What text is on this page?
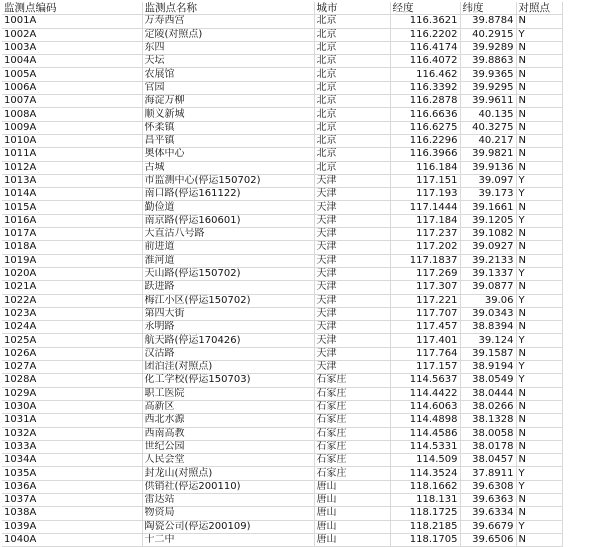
监测点编码	监测点名称	城市	经度	纬度	对照点
1001A	万寿西宫	北京	116.3621	39.8784	N
1002A	定陵(对照点)	北京	116.2202	40.2915	Y
1003A	东四	北京	116.4174	39.9289	N
1004A	天坛	北京	116.4072	39.8863	N
1005A	农展馆	北京	116.462	39.9365	N
1006A	官园	北京	116.3392	39.9295	N
1007A	海淀万柳	北京	116.2878	39.9611	N
1008A	顺义新城	北京	116.6636	40.135	N
1009A	怀柔镇	北京	116.6275	40.3275	N
1010A	昌平镇	北京	116.2296	40.217	N
1011A	奥体中心	北京	116.3966	39.9821	N
1012A	古城	北京	116.184	39.9136	N
1013A	市监测中心(停运150702)	天津	117.151	39.097	Y
1014A	南口路(停运161122)	天津	117.193	39.173	Y
1015A	勤俭道	天津	117.1444	39.1661	N
1016A	南京路(停运160601)	天津	117.184	39.1205	Y
1017A	大直沽八号路	天津	117.237	39.1082	N
1018A	前进道	天津	117.202	39.0927	N
1019A	淮河道	天津	117.1837	39.2133	N
1020A	天山路(停运150702)	天津	117.269	39.1337	Y
1021A	跃进路	天津	117.307	39.0877	N
1022A	梅江小区(停运150702)	天津	117.221	39.06	Y
1023A	第四大街	天津	117.707	39.0343	N
1024A	永明路	天津	117.457	38.8394	N
1025A	航天路(停运170426)	天津	117.401	39.124	Y
1026A	汉沽路	天津	117.764	39.1587	N
1027A	团泊洼(对照点)	天津	117.157	38.9194	Y
1028A	化工学校(停运150703)	石家庄	114.5637	38.0549	Y
1029A	职工医院	石家庄	114.4422	38.0444	N
1030A	高新区	石家庄	114.6063	38.0266	N
1031A	西北水源	石家庄	114.4898	38.1328	N
1032A	西南高教	石家庄	114.4586	38.0058	N
1033A	世纪公园	石家庄	114.5331	38.0178	N
1034A	人民会堂	石家庄	114.509	38.0457	N
1035A	封龙山(对照点)	石家庄	114.3524	37.8911	Y
1036A	供销社(停运200110)	唐山	118.1662	39.6308	Y
1037A	雷达站	唐山	118.131	39.6363	N
1038A	物资局	唐山	118.1725	39.6334	N
1039A	陶瓷公司(停运200109)	唐山	118.2185	39.6679	Y
1040A	十二中	唐山	118.1705	39.6506	N
